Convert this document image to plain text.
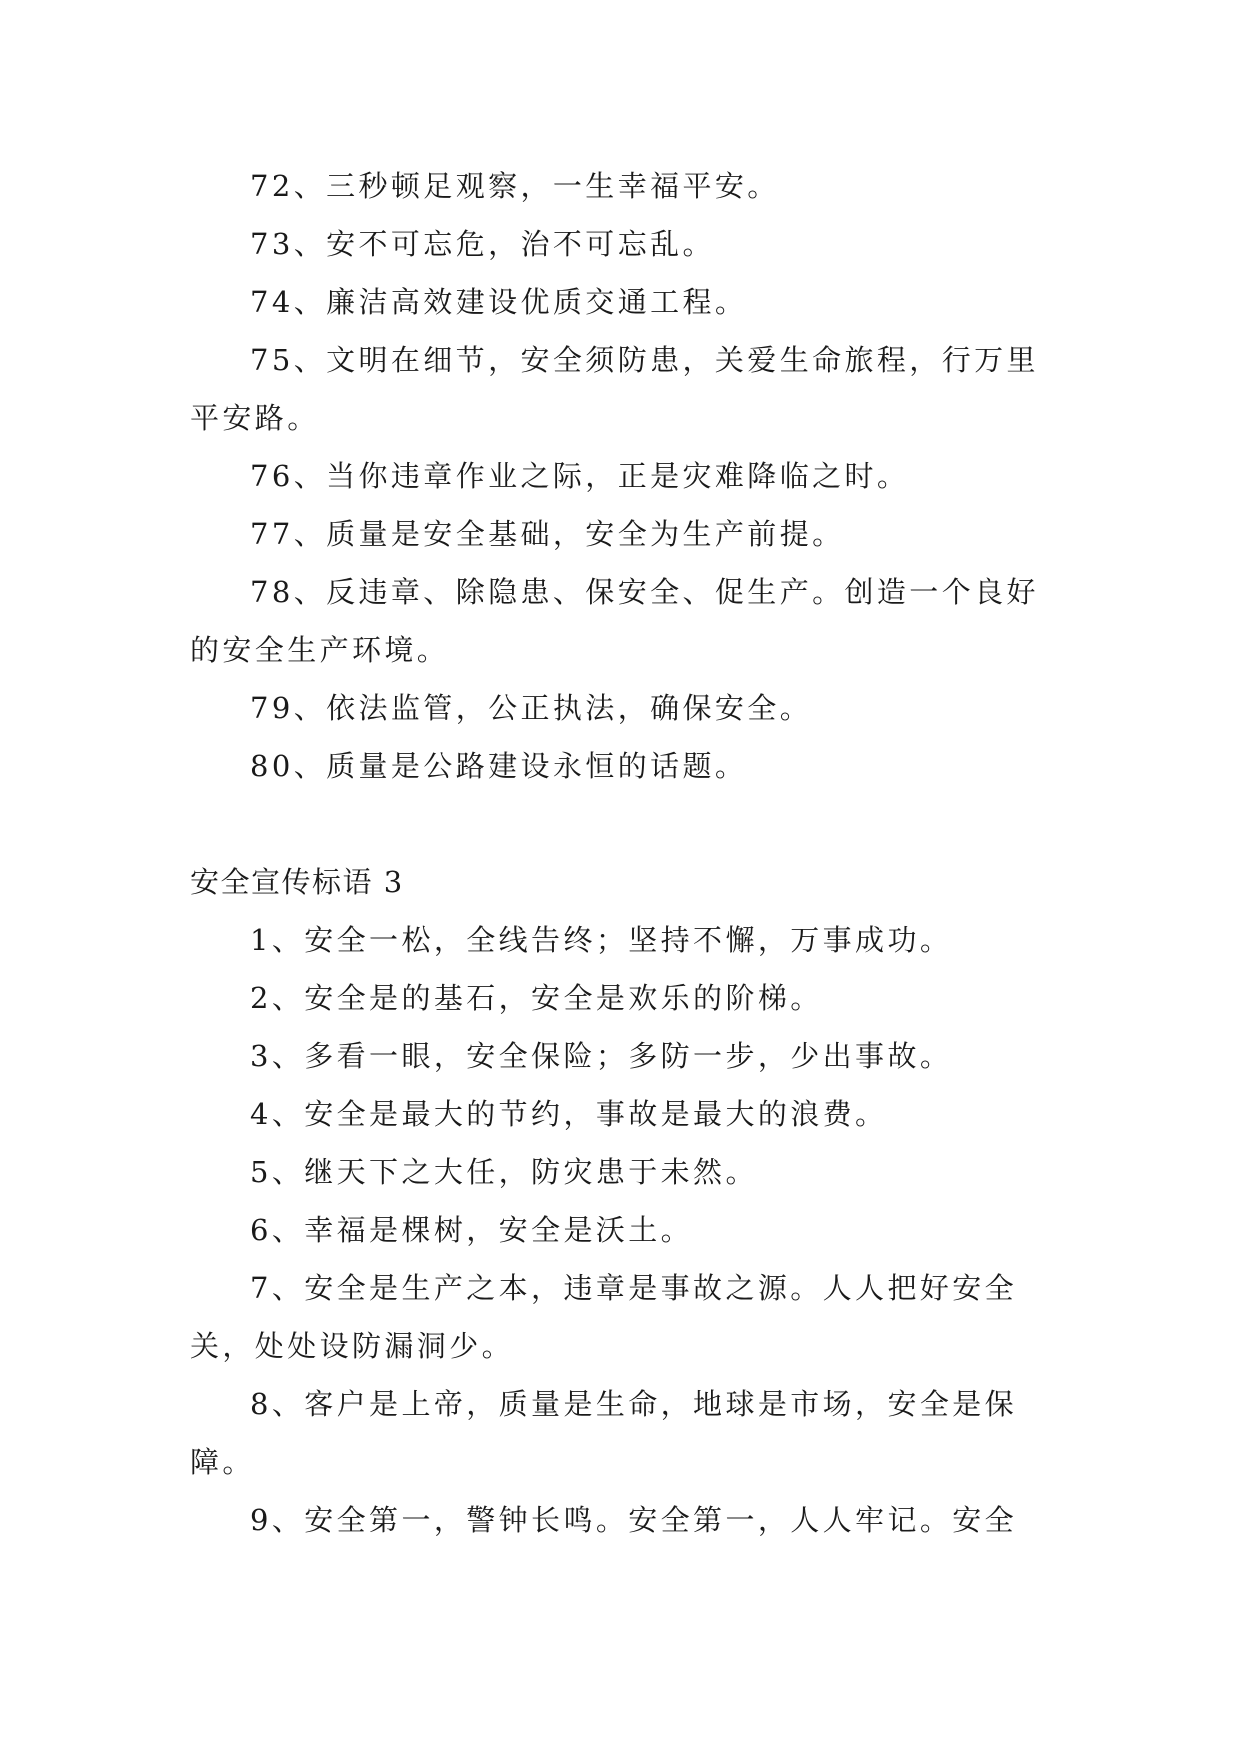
72、三秒顿足观察，一生幸福平安。

73、安不可忘危，治不可忘乱。

74、廉洁高效建设优质交通工程。

75、文明在细节，安全须防患，关爱生命旅程，行万里

平安路。

76、当你违章作业之际，正是灾难降临之时。

77、质量是安全基础，安全为生产前提。

78、反违章、除隐患、保安全、促生产。创造一个良好

的安全生产环境。

79、依法监管，公正执法，确保安全。

80、质量是公路建设永恒的话题。

安全宣传标语 3

1、安全一松，全线告终；坚持不懈，万事成功。

2、安全是的基石，安全是欢乐的阶梯。

3、多看一眼，安全保险；多防一步，少出事故。

4、安全是最大的节约，事故是最大的浪费。

5、继天下之大任，防灾患于未然。

6、幸福是棵树，安全是沃土。

7、安全是生产之本，违章是事故之源。人人把好安全

关，处处设防漏洞少。

8、客户是上帝，质量是生命，地球是市场，安全是保

障。

9、安全第一，警钟长鸣。安全第一，人人牢记。安全
